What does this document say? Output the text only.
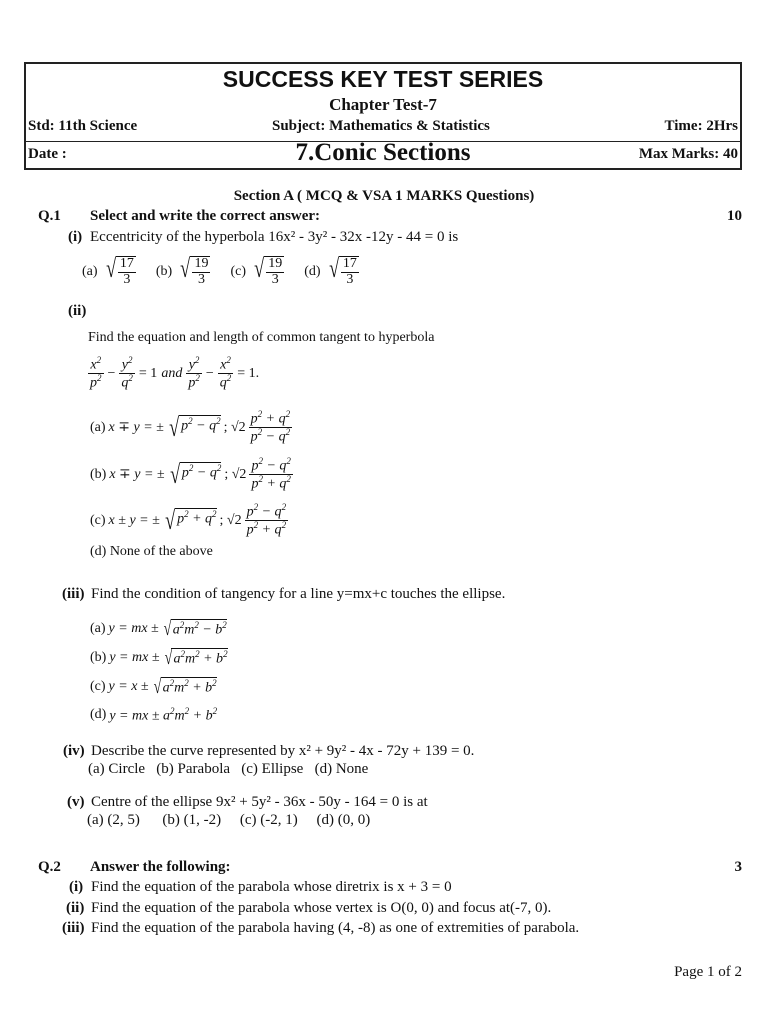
SUCCESS KEY TEST SERIES
Chapter Test-7
Std: 11th Science	Subject: Mathematics & Statistics	Time: 2Hrs
Date :	7.Conic Sections	Max Marks: 40
Section A ( MCQ & VSA 1 MARKS Questions)
Q.1 Select and write the correct answer:	10
(i) Eccentricity of the hyperbola 16x² - 3y² - 32x -12y - 44 = 0 is
(a) √ $\frac{17}{3} (b)$ √ $\frac{19}{3} (c)$ √ $\frac{19}{3} (d)$ √ $\frac{17}{3}$
(ii)
Find the equation and length of common tangent to hyperbola
$\frac{x^2}{p^2} - \frac{y^2}{q^2} = 1$ and $\frac{y^2}{p^2} - \frac{x^2}{q^2} = 1$.
(a) x ∓ y = ± √ $p^2 - q^2$ ; $√2 \frac{p^2 + q^2}{p^2 - q^2}$
(b) x ∓ y = ± √ $p^2 - q^2$ ; $√2 \frac{p^2 - q^2}{p^2 + q^2}$
(c) x ± y = ± √ $p^2 + q^2$ ; $√2 \frac{p^2 - q^2}{p^2 + q^2}$
(d) None of the above
(iii) Find the condition of tangency for a line y=mx+c touches the ellipse.
(a) y = mx ± √ $a^2m^2 - b^2$
(b) y = mx ± √ $a^2m^2 + b^2$
(c) y = x ± √ $a^2m^2 + b^2$
(d) y = mx ± $a^2m^2 + b^2$
(iv) Describe the curve represented by x² + 9y² - 4x - 72y + 139 = 0.
(a) Circle   (b) Parabola   (c) Ellipse   (d) None
(v) Centre of the ellipse 9x² + 5y² - 36x - 50y - 164 = 0 is at
(a) (2, 5)      (b) (1, -2)     (c) (-2, 1)     (d) (0, 0)
Q.2 Answer the following:	3
(i) Find the equation of the parabola whose diretrix is x + 3 = 0
(ii) Find the equation of the parabola whose vertex is O(0, 0) and focus at(-7, 0).
(iii) Find the equation of the parabola having (4, -8) as one of extremities of parabola.
Page 1 of 2
